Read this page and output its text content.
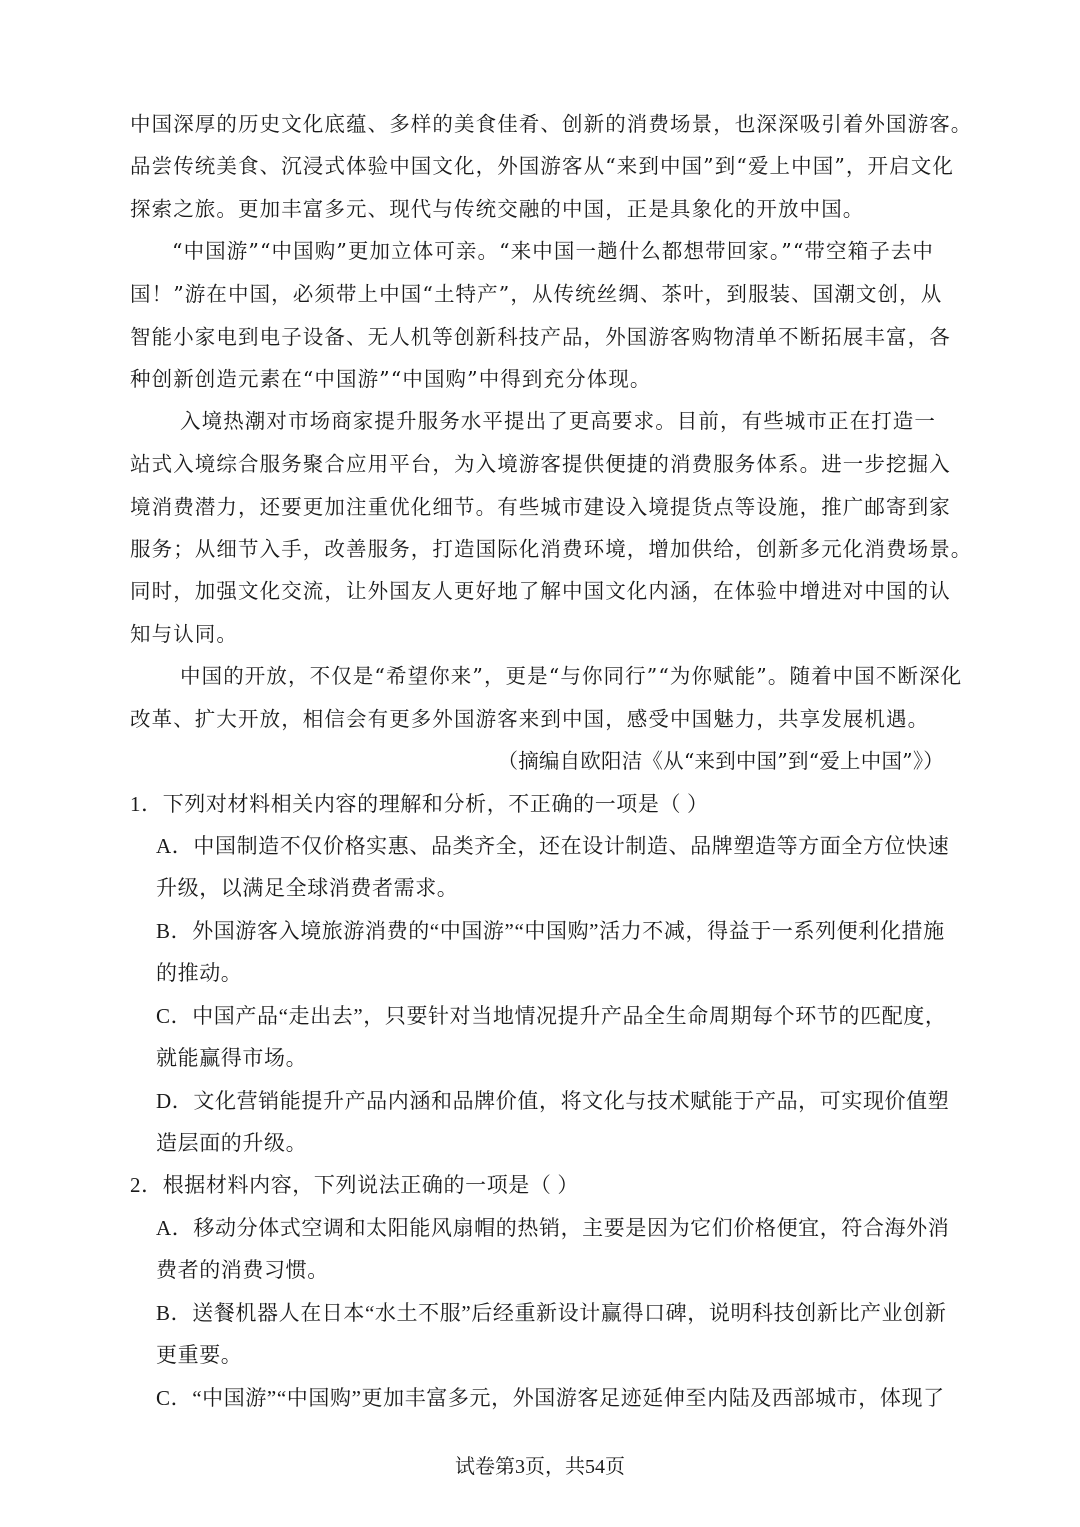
中国深厚的历史文化底蕴、多样的美食佳肴、创新的消费场景，也深深吸引着外国游客。
品尝传统美食、沉浸式体验中国文化，外国游客从“来到中国”到“爱上中国”，开启文化
探索之旅。更加丰富多元、现代与传统交融的中国，正是具象化的开放中国。
“中国游”“中国购”更加立体可亲。“来中国一趟什么都想带回家。”“带空箱子去中
国！”游在中国，必须带上中国“土特产”，从传统丝绸、茶叶，到服装、国潮文创，从
智能小家电到电子设备、无人机等创新科技产品，外国游客购物清单不断拓展丰富，各
种创新创造元素在“中国游”“中国购”中得到充分体现。
入境热潮对市场商家提升服务水平提出了更高要求。目前，有些城市正在打造一
站式入境综合服务聚合应用平台，为入境游客提供便捷的消费服务体系。进一步挖掘入
境消费潜力，还要更加注重优化细节。有些城市建设入境提货点等设施，推广邮寄到家
服务；从细节入手，改善服务，打造国际化消费环境，增加供给，创新多元化消费场景。
同时，加强文化交流，让外国友人更好地了解中国文化内涵，在体验中增进对中国的认
知与认同。
中国的开放，不仅是“希望你来”，更是“与你同行”“为你赋能”。随着中国不断深化
改革、扩大开放，相信会有更多外国游客来到中国，感受中国魅力，共享发展机遇。
（摘编自欧阳洁《从“来到中国”到“爱上中国”》）
1．下列对材料相关内容的理解和分析，不正确的一项是（ ）
A．中国制造不仅价格实惠、品类齐全，还在设计制造、品牌塑造等方面全方位快速
升级，以满足全球消费者需求。
B．外国游客入境旅游消费的“中国游”“中国购”活力不减，得益于一系列便利化措施
的推动。
C．中国产品“走出去”，只要针对当地情况提升产品全生命周期每个环节的匹配度，
就能赢得市场。
D．文化营销能提升产品内涵和品牌价值，将文化与技术赋能于产品，可实现价值塑
造层面的升级。
2．根据材料内容，下列说法正确的一项是（ ）
A．移动分体式空调和太阳能风扇帽的热销，主要是因为它们价格便宜，符合海外消
费者的消费习惯。
B．送餐机器人在日本“水土不服”后经重新设计赢得口碑，说明科技创新比产业创新
更重要。
C．“中国游”“中国购”更加丰富多元，外国游客足迹延伸至内陆及西部城市，体现了
试卷第3页，共54页
